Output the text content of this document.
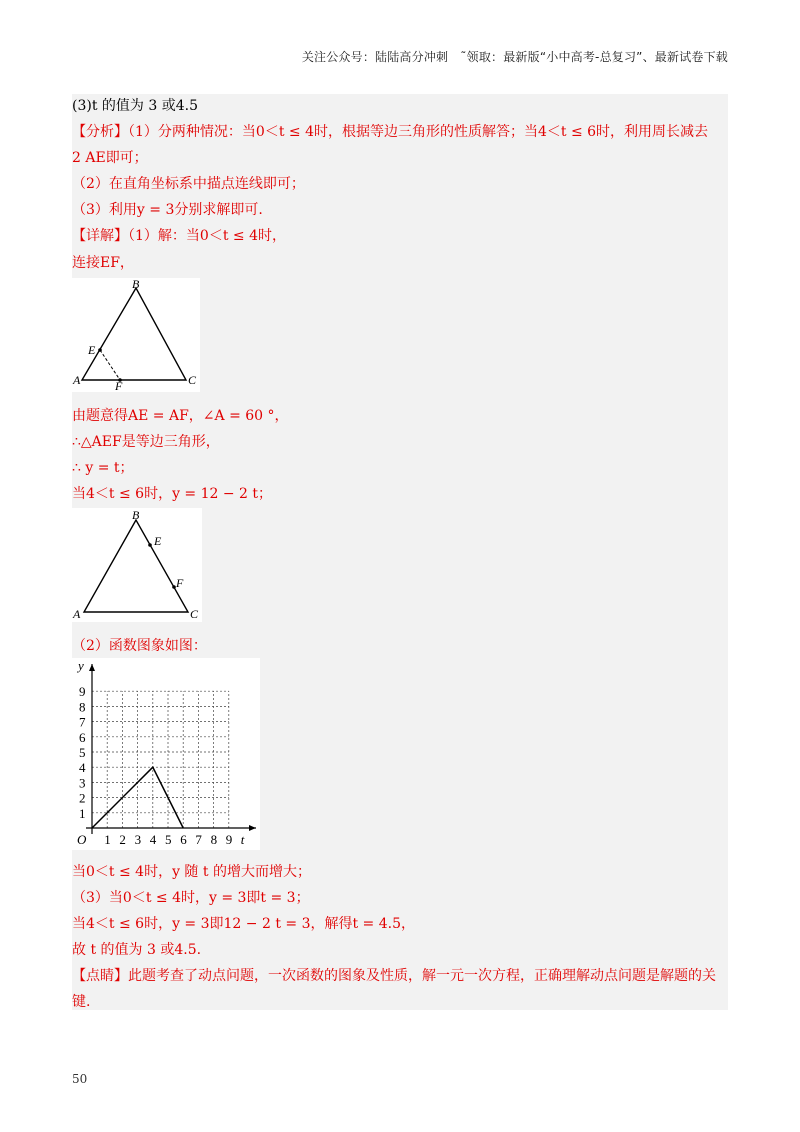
关注公众号：陆陆高分冲刺　˜领取：最新版“小中高考-总复习”、最新试卷下载
(3)t 的值为 3 或4.5
【分析】（1）分两种情况：当0＜t ≤ 4时，根据等边三角形的性质解答；当4＜t ≤ 6时，利用周长减去
2 AE即可；
（2）在直角坐标系中描点连线即可；
（3）利用y = 3分别求解即可.
【详解】（1）解：当0＜t ≤ 4时，
连接EF，
B
E
A	F	C
由题意得AE = AF，∠A = 60 °，
∴△AEF是等边三角形，
∴ y = t；
当4＜t ≤ 6时，y = 12 − 2 t；
B
E
F
A	C
（2）函数图象如图：
1 2 3 4 5 6 7 8 9
1
2
3
4
5
6
7
8
9
O	t
y
当0＜t ≤ 4时，y 随 t 的增大而增大；
（3）当0＜t ≤ 4时，y = 3即t = 3；
当4＜t ≤ 6时，y = 3即12 − 2 t = 3，解得t = 4.5，
故 t 的值为 3 或4.5.
【点睛】此题考查了动点问题，一次函数的图象及性质，解一元一次方程，正确理解动点问题是解题的关
键.
50
